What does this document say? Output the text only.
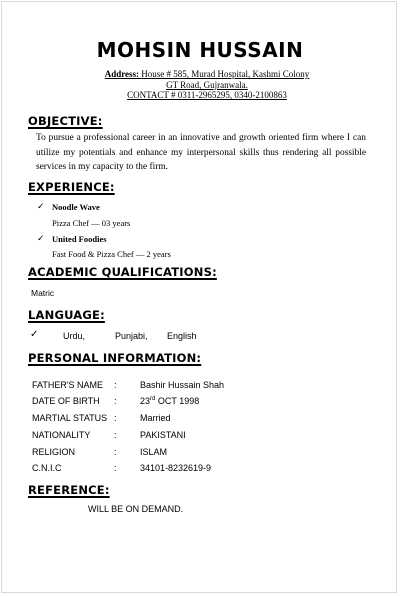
MOHSIN HUSSAIN
Address: House # 585, Murad Hospital, Kashmi Colony
GT Road, Gujranwala.
CONTACT # 0311-2965295, 0340-2100863
OBJECTIVE:
To pursue a professional career in an innovative and growth oriented firm where I can utilize my potentials and enhance my interpersonal skills thus rendering all possible services in my capacity to the firm.
EXPERIENCE:
✓ Noodle Wave
Pizza Chef — 03 years
✓ United Foodies
Fast Food & Pizza Chef — 2 years
ACADEMIC QUALIFICATIONS:
Matric
LANGUAGE:
✓	Urdu,	Punjabi, English
PERSONAL INFORMATION:
FATHER'S NAME :	Bashir Hussain Shah
DATE OF BIRTH :	23rd OCT 1998
MARTIAL STATUS :	Married
NATIONALITY	:	PAKISTANI
RELIGION	:	ISLAM
C.N.I.C	:	34101-8232619-9
REFERENCE:
WILL BE ON DEMAND.
